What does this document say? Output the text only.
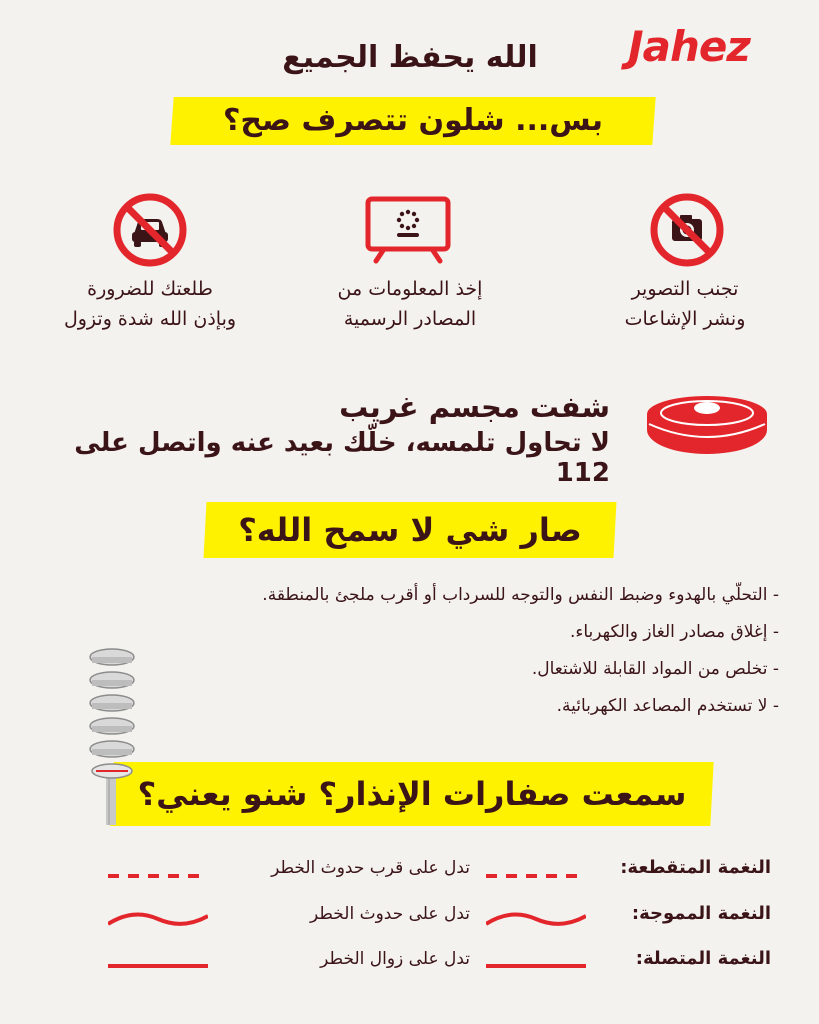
Jahez
الله يحفظ الجميع
بس... شلون تتصرف صح؟
تجنب التصوير
ونشر الإشاعات
إخذ المعلومات من
المصادر الرسمية
طلعتك للضرورة
وبإذن الله شدة وتزول
شفت مجسم غريب
لا تحاول تلمسه، خلّك بعيد عنه واتصل على 112
صار شي لا سمح الله؟
- التحلّي بالهدوء وضبط النفس والتوجه للسرداب أو أقرب ملجئ بالمنطقة.
- إغلاق مصادر الغاز والكهرباء.
- تخلص من المواد القابلة للاشتعال.
- لا تستخدم المصاعد الكهربائية.
سمعت صفارات الإنذار؟ شنو يعني؟
النغمة المتقطعة:
النغمة المموجة:
النغمة المتصلة:
تدل على قرب حدوث الخطر
تدل على حدوث الخطر
تدل على زوال الخطر
